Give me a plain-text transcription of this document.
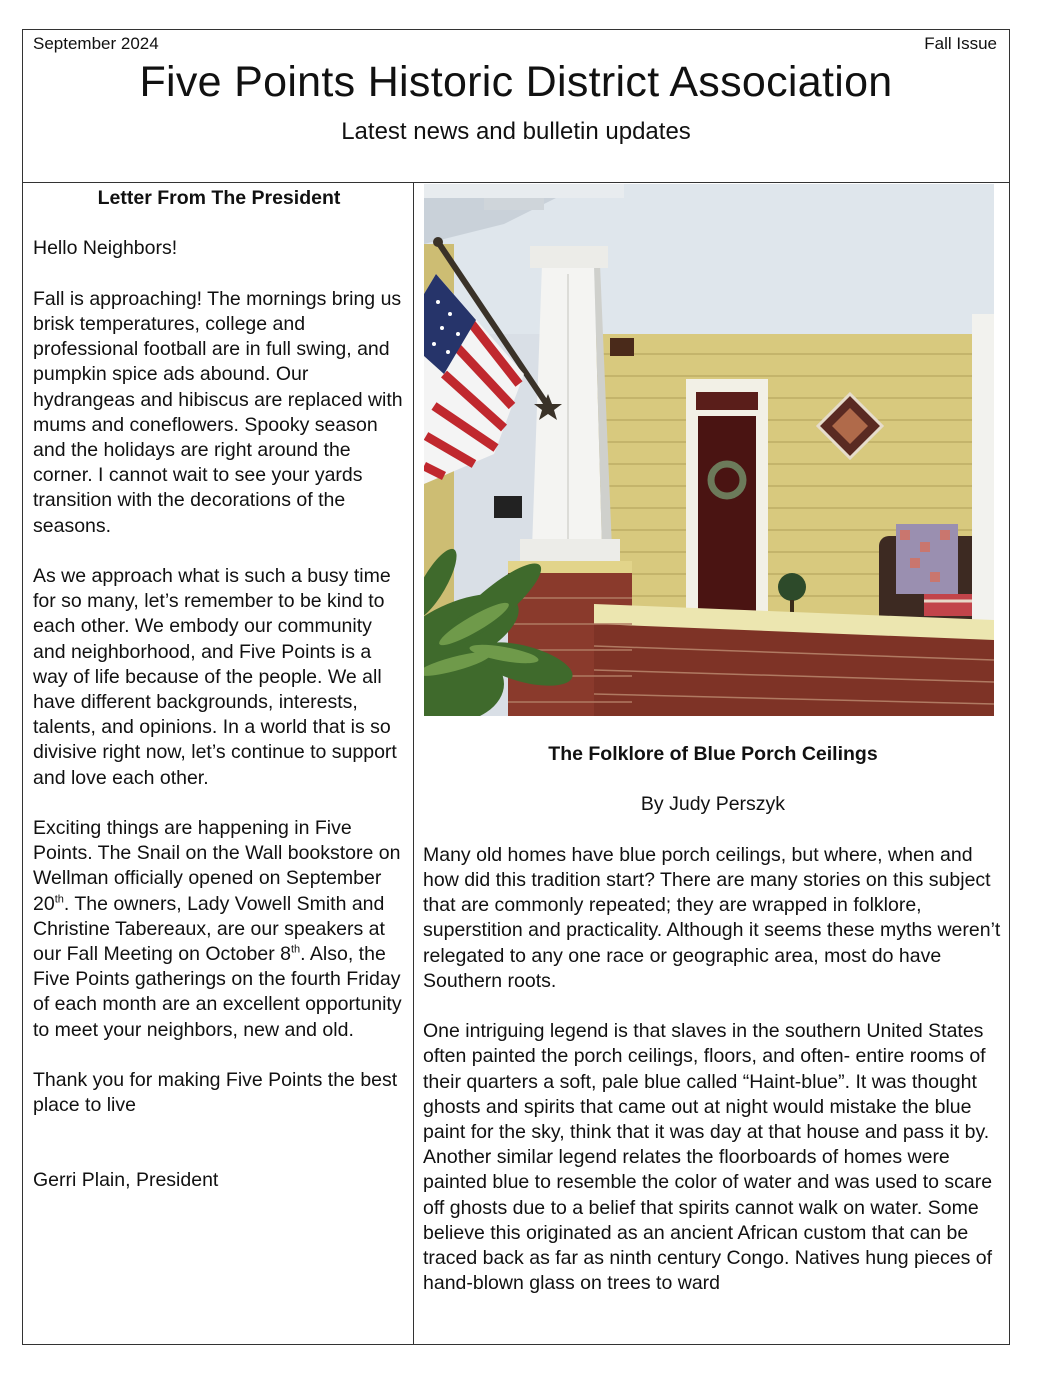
September 2024	Fall Issue
Five Points Historic District Association
Latest news and bulletin updates

Letter From The President

Hello Neighbors!

Fall is approaching! The mornings bring us brisk temperatures, college and professional football are in full swing, and pumpkin spice ads abound. Our hydrangeas and hibiscus are replaced with mums and coneflowers. Spooky season and the holidays are right around the corner. I cannot wait to see your yards transition with the decorations of the seasons.

As we approach what is such a busy time for so many, let’s remember to be kind to each other. We embody our community and neighborhood, and Five Points is a way of life because of the people. We all have different backgrounds, interests, talents, and opinions. In a world that is so divisive right now, let’s continue to support and love each other.

Exciting things are happening in Five Points. The Snail on the Wall bookstore on Wellman officially opened on September 20th. The owners, Lady Vowell Smith and Christine Tabereaux, are our speakers at our Fall Meeting on October 8th. Also, the Five Points gatherings on the fourth Friday of each month are an excellent opportunity to meet your neighbors, new and old.

Thank you for making Five Points the best place to live

Gerri Plain, President

The Folklore of Blue Porch Ceilings

By Judy Perszyk

Many old homes have blue porch ceilings, but where, when and how did this tradition start? There are many stories on this subject that are commonly repeated; they are wrapped in folklore, superstition and practicality. Although it seems these myths weren’t relegated to any one race or geographic area, most do have Southern roots.

One intriguing legend is that slaves in the southern United States often painted the porch ceilings, floors, and often- entire rooms of their quarters a soft, pale blue called “Haint-blue”. It was thought ghosts and spirits that came out at night would mistake the blue paint for the sky, think that it was day at that house and pass it by. Another similar legend relates the floorboards of homes were painted blue to resemble the color of water and was used to scare off ghosts due to a belief that spirits cannot walk on water. Some believe this originated as an ancient African custom that can be traced back as far as ninth century Congo. Natives hung pieces of hand-blown glass on trees to ward
